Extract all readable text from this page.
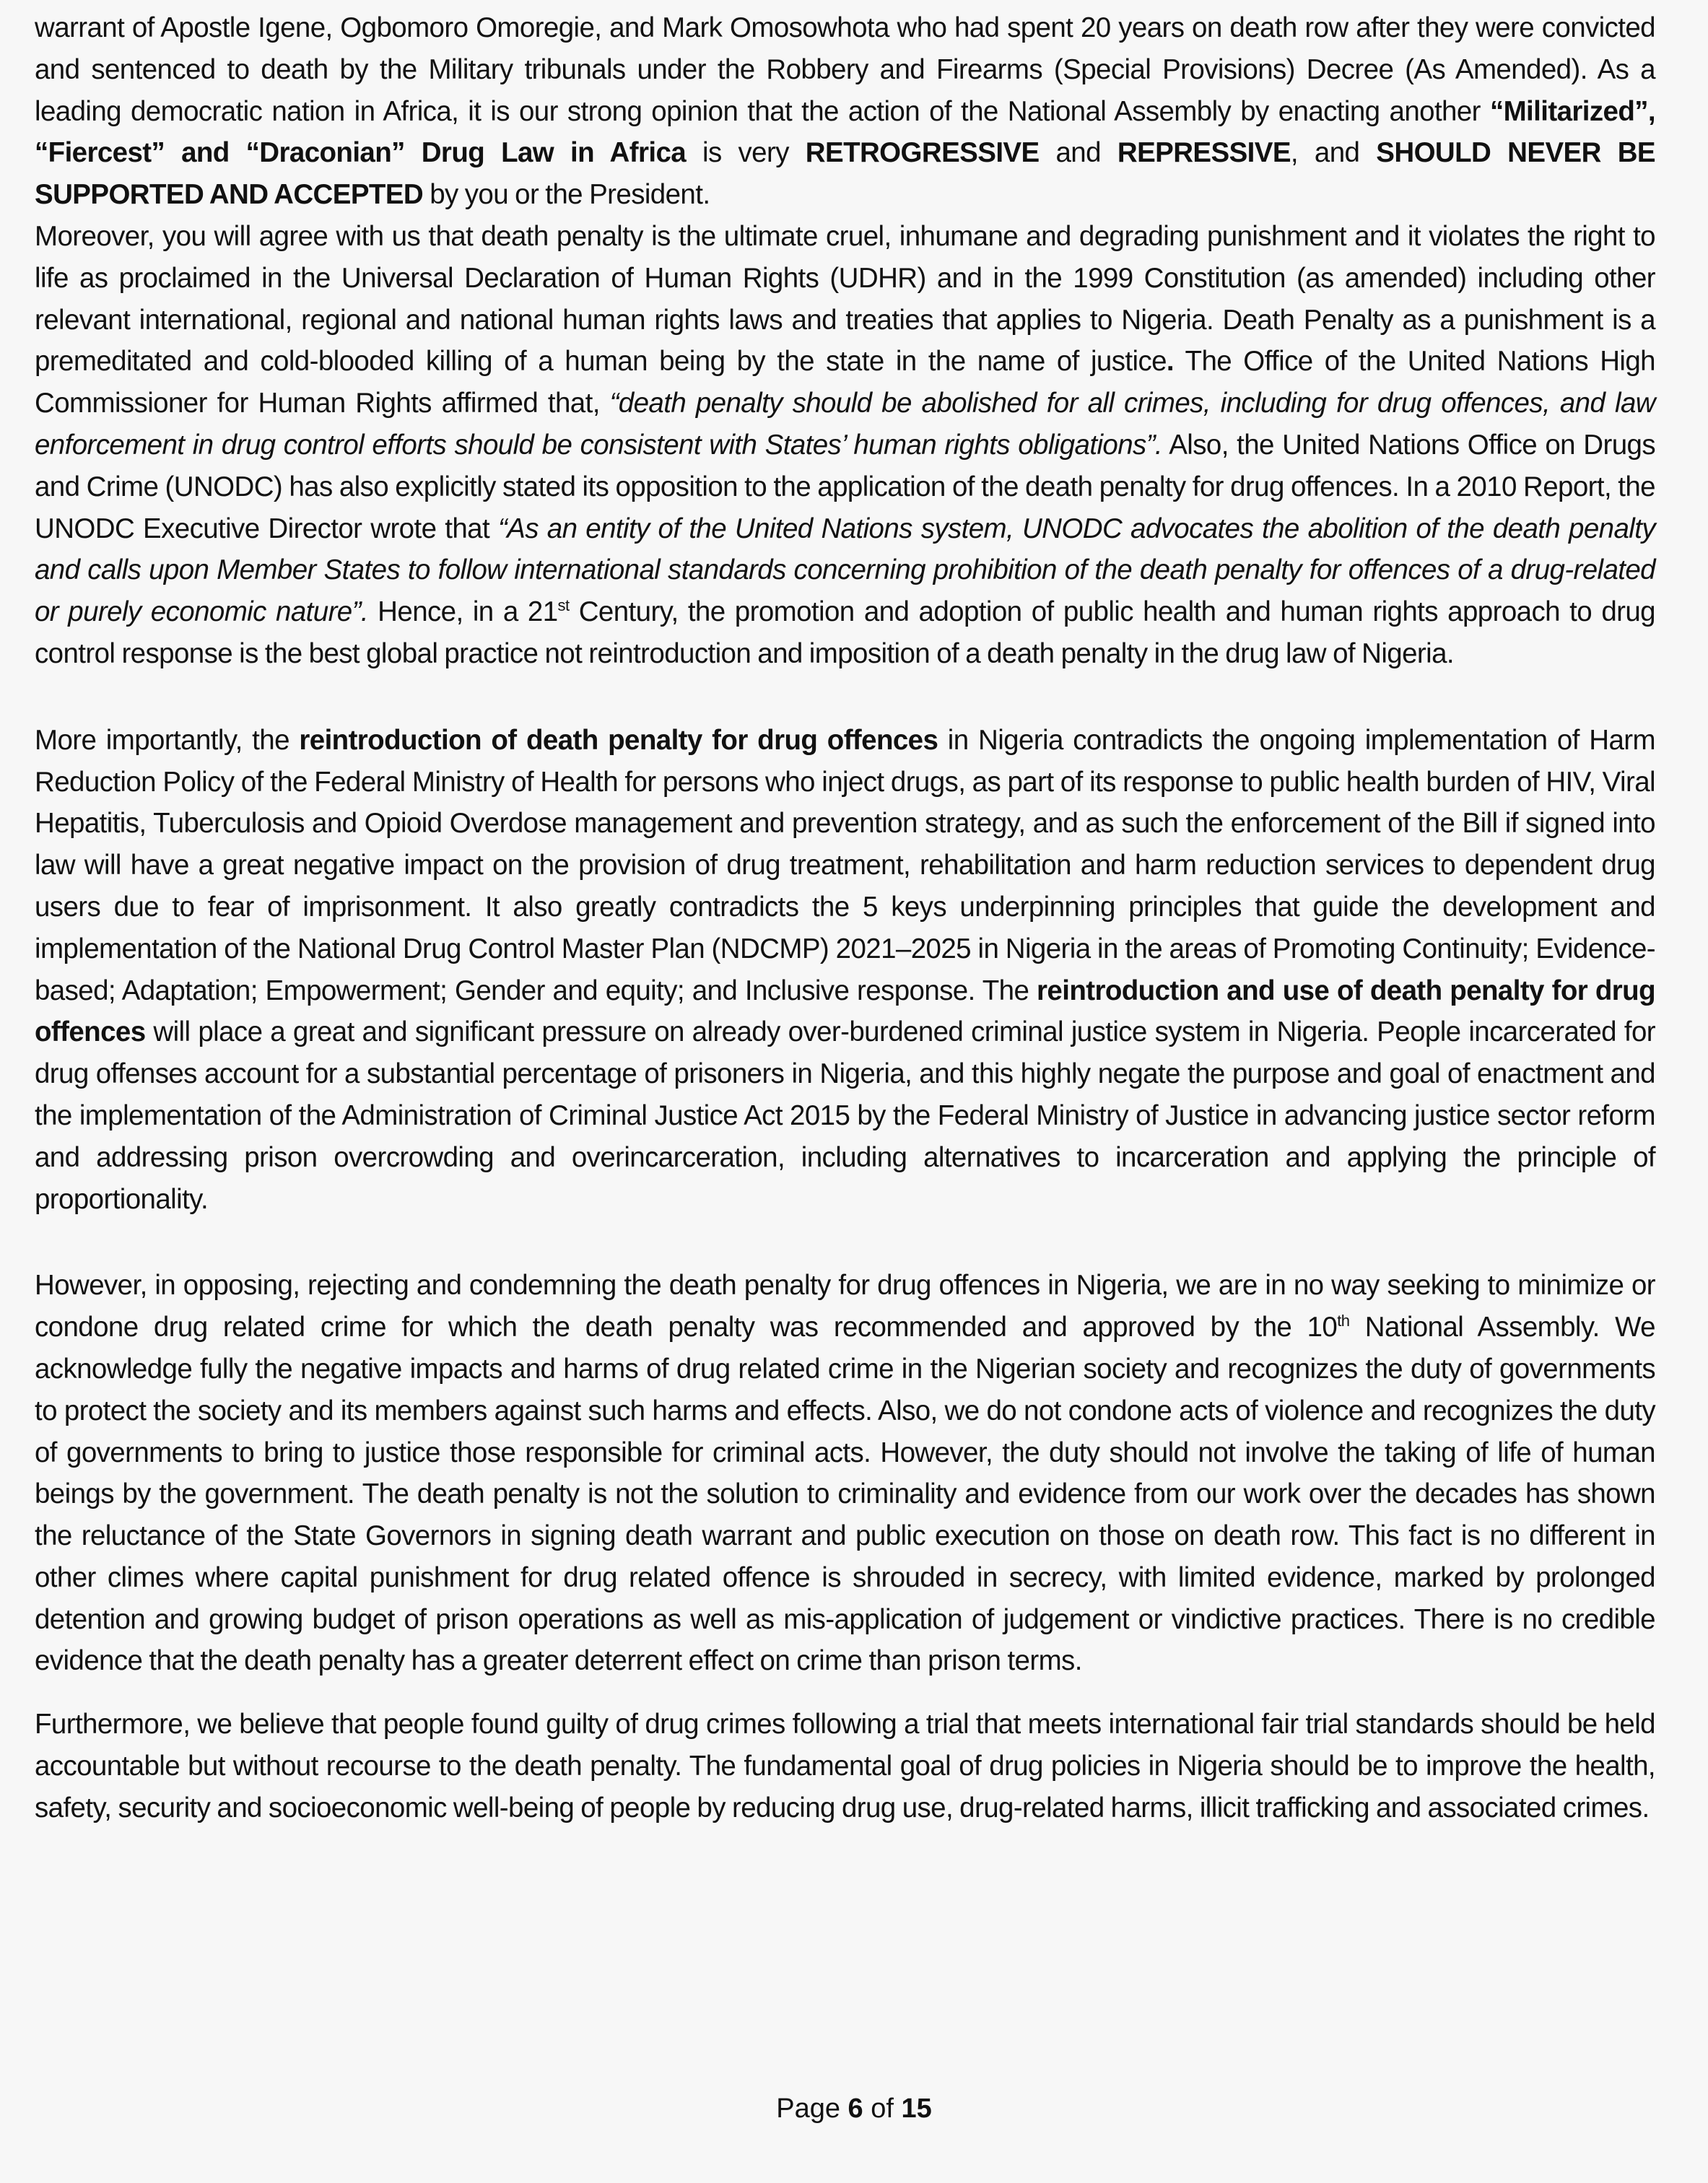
warrant of Apostle Igene, Ogbomoro Omoregie, and Mark Omosowhota who had spent 20 years on death row after they were convicted and sentenced to death by the Military tribunals under the Robbery and Firearms (Special Provisions) Decree (As Amended). As a leading democratic nation in Africa, it is our strong opinion that the action of the National Assembly by enacting another “Militarized”, “Fiercest” and “Draconian” Drug Law in Africa is very RETROGRESSIVE and REPRESSIVE, and SHOULD NEVER BE SUPPORTED AND ACCEPTED by you or the President.

Moreover, you will agree with us that death penalty is the ultimate cruel, inhumane and degrading punishment and it violates the right to life as proclaimed in the Universal Declaration of Human Rights (UDHR) and in the 1999 Constitution (as amended) including other relevant international, regional and national human rights laws and treaties that applies to Nigeria. Death Penalty as a punishment is a premeditated and cold-blooded killing of a human being by the state in the name of justice. The Office of the United Nations High Commissioner for Human Rights affirmed that, “death penalty should be abolished for all crimes, including for drug offences, and law enforcement in drug control efforts should be consistent with States’ human rights obligations”. Also, the United Nations Office on Drugs and Crime (UNODC) has also explicitly stated its opposition to the application of the death penalty for drug offences. In a 2010 Report, the UNODC Executive Director wrote that “As an entity of the United Nations system, UNODC advocates the abolition of the death penalty and calls upon Member States to follow international standards concerning prohibition of the death penalty for offences of a drug-related or purely economic nature”. Hence, in a 21st Century, the promotion and adoption of public health and human rights approach to drug control response is the best global practice not reintroduction and imposition of a death penalty in the drug law of Nigeria.

More importantly, the reintroduction of death penalty for drug offences in Nigeria contradicts the ongoing implementation of Harm Reduction Policy of the Federal Ministry of Health for persons who inject drugs, as part of its response to public health burden of HIV, Viral Hepatitis, Tuberculosis and Opioid Overdose management and prevention strategy, and as such the enforcement of the Bill if signed into law will have a great negative impact on the provision of drug treatment, rehabilitation and harm reduction services to dependent drug users due to fear of imprisonment. It also greatly contradicts the 5 keys underpinning principles that guide the development and implementation of the National Drug Control Master Plan (NDCMP) 2021–2025 in Nigeria in the areas of Promoting Continuity; Evidence-based; Adaptation; Empowerment; Gender and equity; and Inclusive response. The reintroduction and use of death penalty for drug offences will place a great and significant pressure on already over-burdened criminal justice system in Nigeria. People incarcerated for drug offenses account for a substantial percentage of prisoners in Nigeria, and this highly negate the purpose and goal of enactment and the implementation of the Administration of Criminal Justice Act 2015 by the Federal Ministry of Justice in advancing justice sector reform and addressing prison overcrowding and overincarceration, including alternatives to incarceration and applying the principle of proportionality.

However, in opposing, rejecting and condemning the death penalty for drug offences in Nigeria, we are in no way seeking to minimize or condone drug related crime for which the death penalty was recommended and approved by the 10th National Assembly. We acknowledge fully the negative impacts and harms of drug related crime in the Nigerian society and recognizes the duty of governments to protect the society and its members against such harms and effects. Also, we do not condone acts of violence and recognizes the duty of governments to bring to justice those responsible for criminal acts. However, the duty should not involve the taking of life of human beings by the government. The death penalty is not the solution to criminality and evidence from our work over the decades has shown the reluctance of the State Governors in signing death warrant and public execution on those on death row. This fact is no different in other climes where capital punishment for drug related offence is shrouded in secrecy, with limited evidence, marked by prolonged detention and growing budget of prison operations as well as mis-application of judgement or vindictive practices. There is no credible evidence that the death penalty has a greater deterrent effect on crime than prison terms.

Furthermore, we believe that people found guilty of drug crimes following a trial that meets international fair trial standards should be held accountable but without recourse to the death penalty. The fundamental goal of drug policies in Nigeria should be to improve the health, safety, security and socioeconomic well-being of people by reducing drug use, drug-related harms, illicit trafficking and associated crimes.

Page 6 of 15
